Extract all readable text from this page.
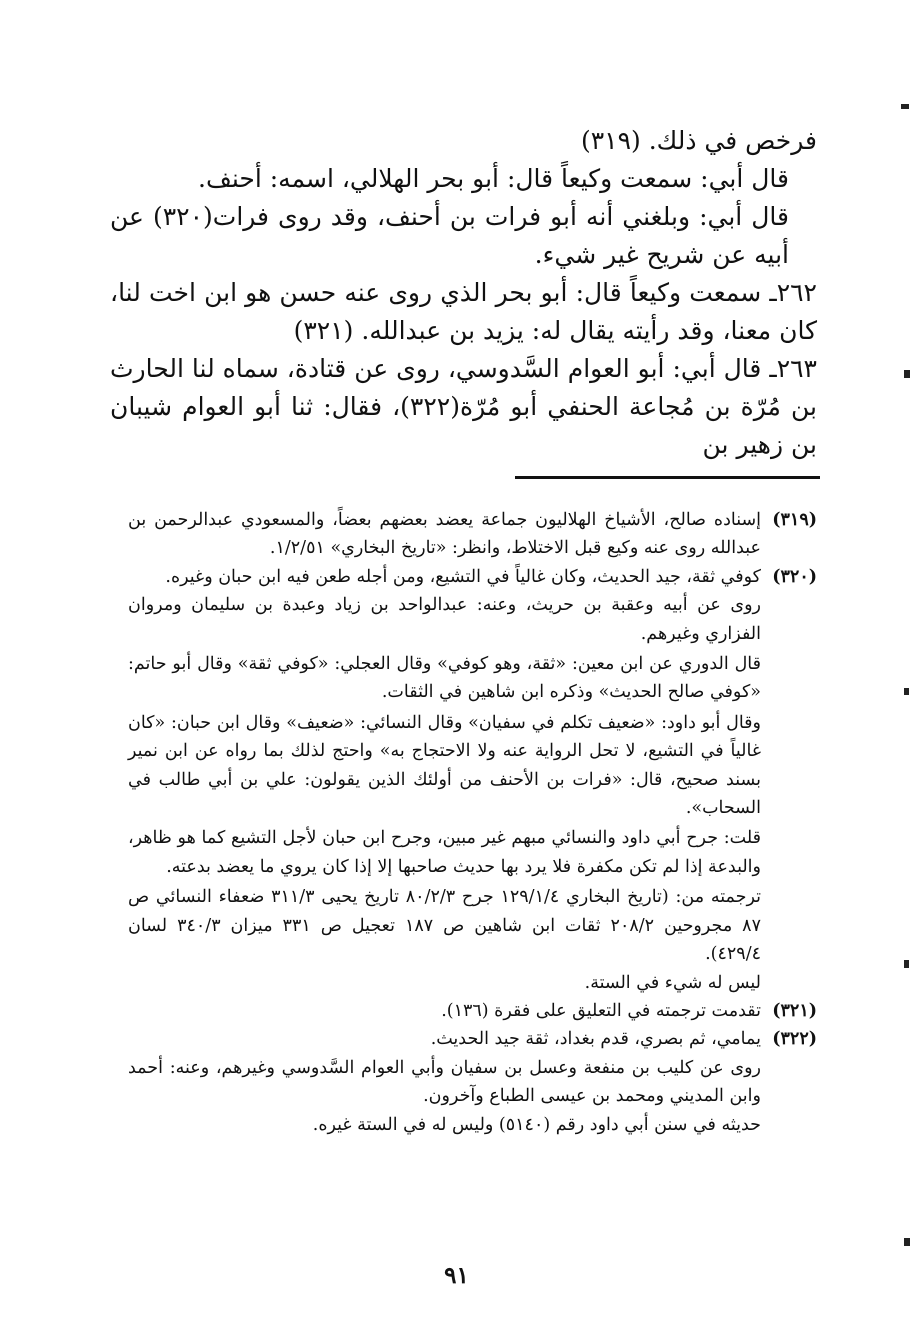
فرخص في ذلك. (٣١٩)

قال أبي: سمعت وكيعاً قال: أبو بحر الهلالي، اسمه: أحنف.

قال أبي: وبلغني أنه أبو فرات بن أحنف، وقد روى فرات(٣٢٠) عن أبيه عن شريح غير شيء.

٢٦٢ـ سمعت وكيعاً قال: أبو بحر الذي روى عنه حسن هو ابن اخت لنا، كان معنا، وقد رأيته يقال له: يزيد بن عبدالله. (٣٢١)

٢٦٣ـ قال أبي: أبو العوام السَّدوسي، روى عن قتادة، سماه لنا الحارث بن مُرّة بن مُجاعة الحنفي أبو مُرّة(٣٢٢)، فقال: ثنا أبو العوام شيبان بن زهير بن

(٣١٩)

إسناده صالح، الأشياخ الهلاليون جماعة يعضد بعضهم بعضاً، والمسعودي عبدالرحمن بن عبدالله روى عنه وكيع قبل الاختلاط، وانظر: «تاريخ البخاري» ١/٢/٥١.

(٣٢٠)

كوفي ثقة، جيد الحديث، وكان غالياً في التشيع، ومن أجله طعن فيه ابن حبان وغيره.

روى عن أبيه وعقبة بن حريث، وعنه: عبدالواحد بن زياد وعبدة بن سليمان ومروان الفزاري وغيرهم.

قال الدوري عن ابن معين: «ثقة، وهو كوفي» وقال العجلي: «كوفي ثقة» وقال أبو حاتم: «كوفي صالح الحديث» وذكره ابن شاهين في الثقات.

وقال أبو داود: «ضعيف تكلم في سفيان» وقال النسائي: «ضعيف» وقال ابن حبان: «كان غالياً في التشيع، لا تحل الرواية عنه ولا الاحتجاج به» واحتج لذلك بما رواه عن ابن نمير بسند صحيح، قال: «فرات بن الأحنف من أولئك الذين يقولون: علي بن أبي طالب في السحاب».

قلت: جرح أبي داود والنسائي مبهم غير مبين، وجرح ابن حبان لأجل التشيع كما هو ظاهر، والبدعة إذا لم تكن مكفرة فلا يرد بها حديث صاحبها إلا إذا كان يروي ما يعضد بدعته.

ترجمته من: (تاريخ البخاري ١٢٩/١/٤ جرح ٨٠/٢/٣ تاريخ يحيى ٣١١/٣ ضعفاء النسائي ص ٨٧ مجروحين ٢٠٨/٢ ثقات ابن شاهين ص ١٨٧ تعجيل ص ٣٣١ ميزان ٣٤٠/٣ لسان ٤٢٩/٤).

ليس له شيء في الستة.

(٣٢١)

تقدمت ترجمته في التعليق على فقرة (١٣٦).

(٣٢٢)

يمامي، ثم بصري، قدم بغداد، ثقة جيد الحديث.

روى عن كليب بن منفعة وعسل بن سفيان وأبي العوام السَّدوسي وغيرهم، وعنه: أحمد وابن المديني ومحمد بن عيسى الطباع وآخرون.

حديثه في سنن أبي داود رقم (٥١٤٠) وليس له في الستة غيره.

٩١
